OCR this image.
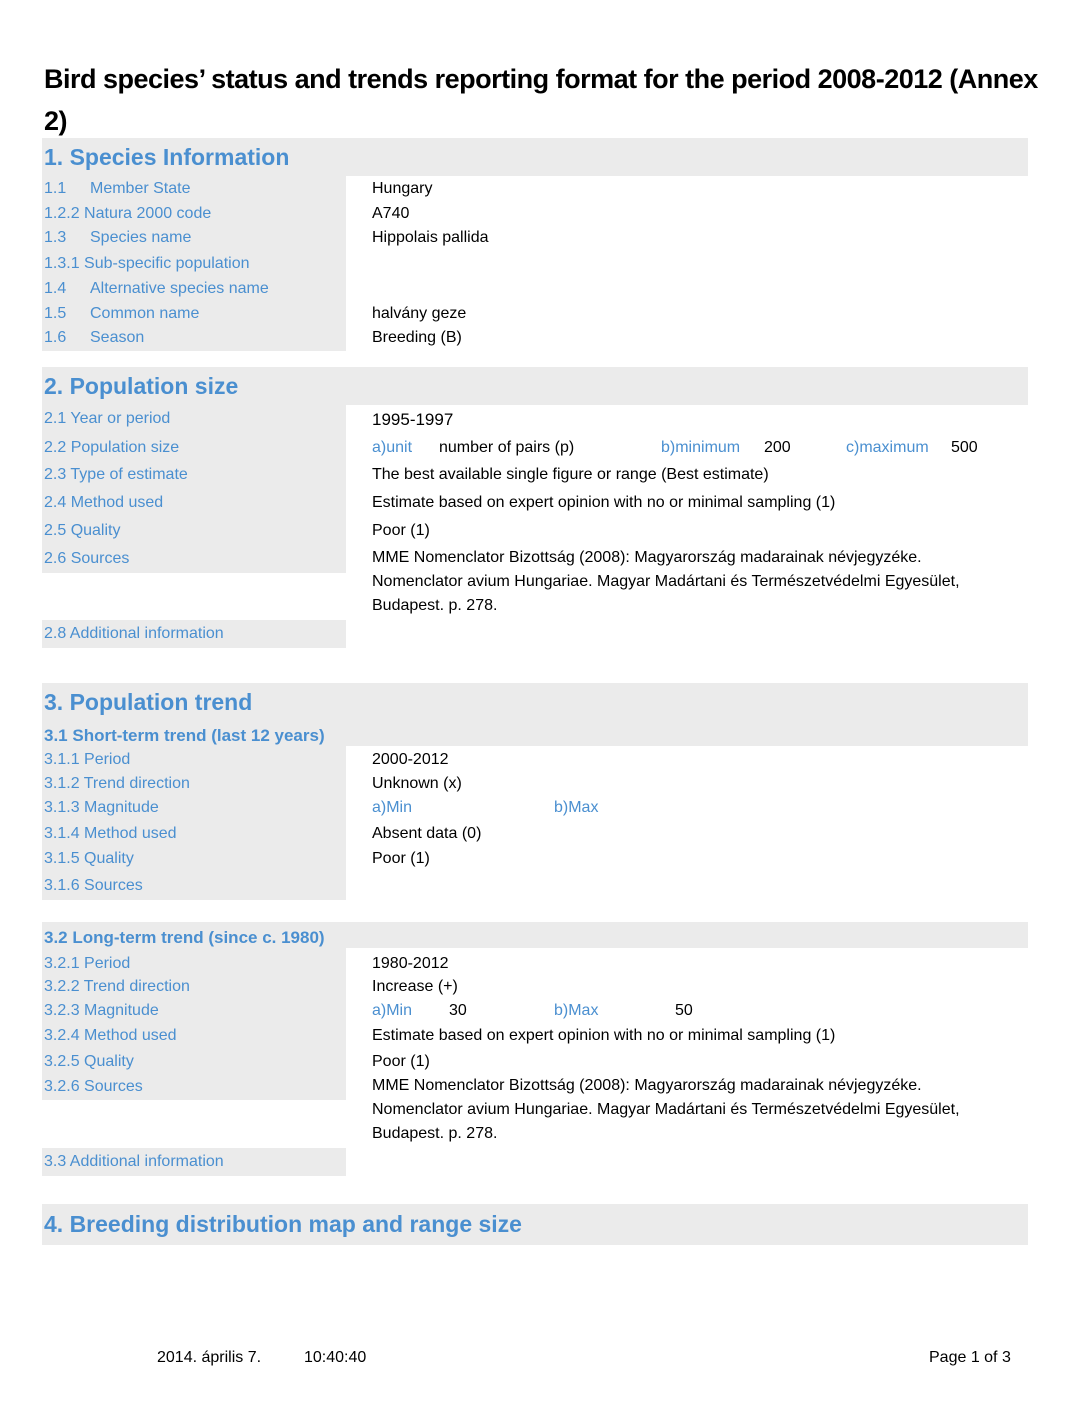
Bird species’ status and trends reporting format for the period 2008-2012 (Annex 2)
1. Species Information
1.1 Member State	Hungary
1.2.2 Natura 2000 code	A740
1.3 Species name	Hippolais pallida
1.3.1 Sub-specific population
1.4 Alternative species name
1.5 Common name	halvány geze
1.6 Season	Breeding (B)
2. Population size
2.1 Year or period	1995-1997
2.2 Population size	a)unit number of pairs (p)	b)minimum 200	c)maximum 500
2.3 Type of estimate	The best available single figure or range (Best estimate)
2.4 Method used	Estimate based on expert opinion with no or minimal sampling (1)
2.5 Quality	Poor (1)
2.6 Sources	MME Nomenclator Bizottság (2008): Magyarország madarainak névjegyzéke. Nomenclator avium Hungariae. Magyar Madártani és Természetvédelmi Egyesület, Budapest. p. 278.
2.8 Additional information
3. Population trend
3.1 Short-term trend (last 12 years)
3.1.1 Period	2000-2012
3.1.2 Trend direction	Unknown (x)
3.1.3 Magnitude	a)Min	b)Max
3.1.4 Method used	Absent data (0)
3.1.5 Quality	Poor (1)
3.1.6 Sources
3.2 Long-term trend (since c. 1980)
3.2.1 Period	1980-2012
3.2.2 Trend direction	Increase (+)
3.2.3 Magnitude	a)Min 30	b)Max	50
3.2.4 Method used	Estimate based on expert opinion with no or minimal sampling (1)
3.2.5 Quality	Poor (1)
3.2.6 Sources	MME Nomenclator Bizottság (2008): Magyarország madarainak névjegyzéke. Nomenclator avium Hungariae. Magyar Madártani és Természetvédelmi Egyesület, Budapest. p. 278.
3.3 Additional information
4. Breeding distribution map and range size
2014. április 7.	10:40:40	Page 1 of 3
